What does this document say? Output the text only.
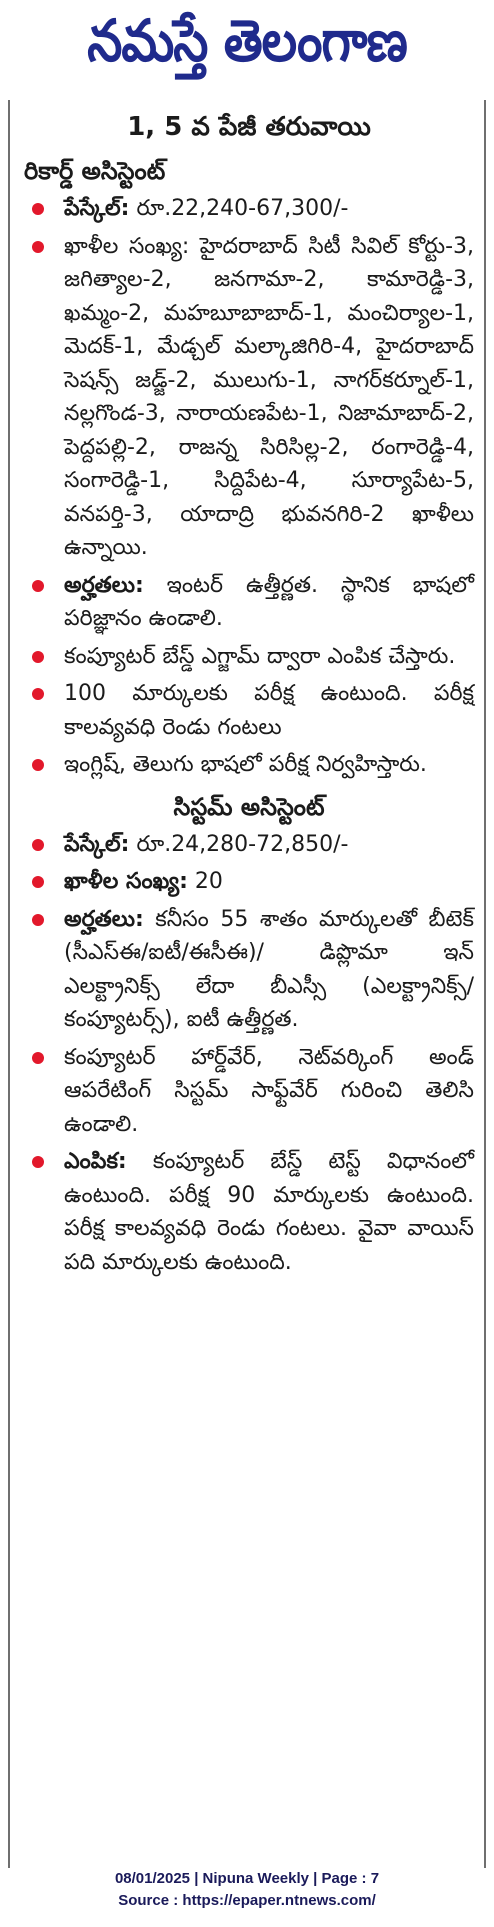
నమస్తే తెలంగాణ
1, 5 వ పేజీ తరువాయి
రికార్డ్‌ అసిస్టెంట్‌
పేస్కేల్‌: రూ.22,240-67,300/-
ఖాళీల సంఖ్య: హైదరాబాద్‌ సిటీ సివిల్‌ కోర్టు-3, జగిత్యాల-2, జనగామా-2, కామారెడ్డి-3, ఖమ్మం-2, మహబూబాబాద్‌-1, మంచిర్యాల-1, మెదక్‌-1, మేడ్చల్‌ మల్కాజిగిరి-4, హైదరాబాద్‌ సెషన్స్‌ జడ్జ్‌-2, ములుగు-1, నాగర్‌కర్నూల్‌-1, నల్లగొండ-3, నారాయణపేట-1, నిజామాబాద్‌-2, పెద్దపల్లి-2, రాజన్న సిరిసిల్ల-2, రంగారెడ్డి-4, సంగారెడ్డి-1, సిద్దిపేట-4, సూర్యాపేట-5, వనపర్తి-3, యాదాద్రి భువనగిరి-2 ఖాళీలు ఉన్నాయి.
అర్హతలు: ఇంటర్‌ ఉత్తీర్ణత. స్థానిక భాషలో పరిజ్ఞానం ఉండాలి.
కంప్యూటర్‌ బేస్డ్‌ ఎగ్జామ్‌ ద్వారా ఎంపిక చేస్తారు.
100 మార్కులకు పరీక్ష ఉంటుంది. పరీక్ష కాలవ్యవధి రెండు గంటలు
ఇంగ్లిష్‌, తెలుగు భాషలో పరీక్ష నిర్వహిస్తారు.
సిస్టమ్‌ అసిస్టెంట్‌
పేస్కేల్‌: రూ.24,280-72,850/-
ఖాళీల సంఖ్య: 20
అర్హతలు: కనీసం 55 శాతం మార్కులతో బీటెక్‌ (సీఎస్‌ఈ/ఐటీ/ఈసీఈ)/ డిప్లొమా ఇన్‌ ఎలక్ట్రానిక్స్‌ లేదా బీఎస్సీ (ఎలక్ట్రానిక్స్‌/కంప్యూటర్స్‌), ఐటీ ఉత్తీర్ణత.
కంప్యూటర్‌ హార్డ్‌వేర్‌, నెట్‌వర్కింగ్‌ అండ్‌ ఆపరేటింగ్‌ సిస్టమ్‌ సాఫ్ట్‌వేర్‌ గురించి తెలిసి ఉండాలి.
ఎంపిక: కంప్యూటర్‌ బేస్డ్‌ టెస్ట్‌ విధానంలో ఉంటుంది. పరీక్ష 90 మార్కులకు ఉంటుంది. పరీక్ష కాలవ్యవధి రెండు గంటలు. వైవా వాయిస్‌ పది మార్కులకు ఉంటుంది.
08/01/2025 | Nipuna Weekly | Page : 7
Source : https://epaper.ntnews.com/
